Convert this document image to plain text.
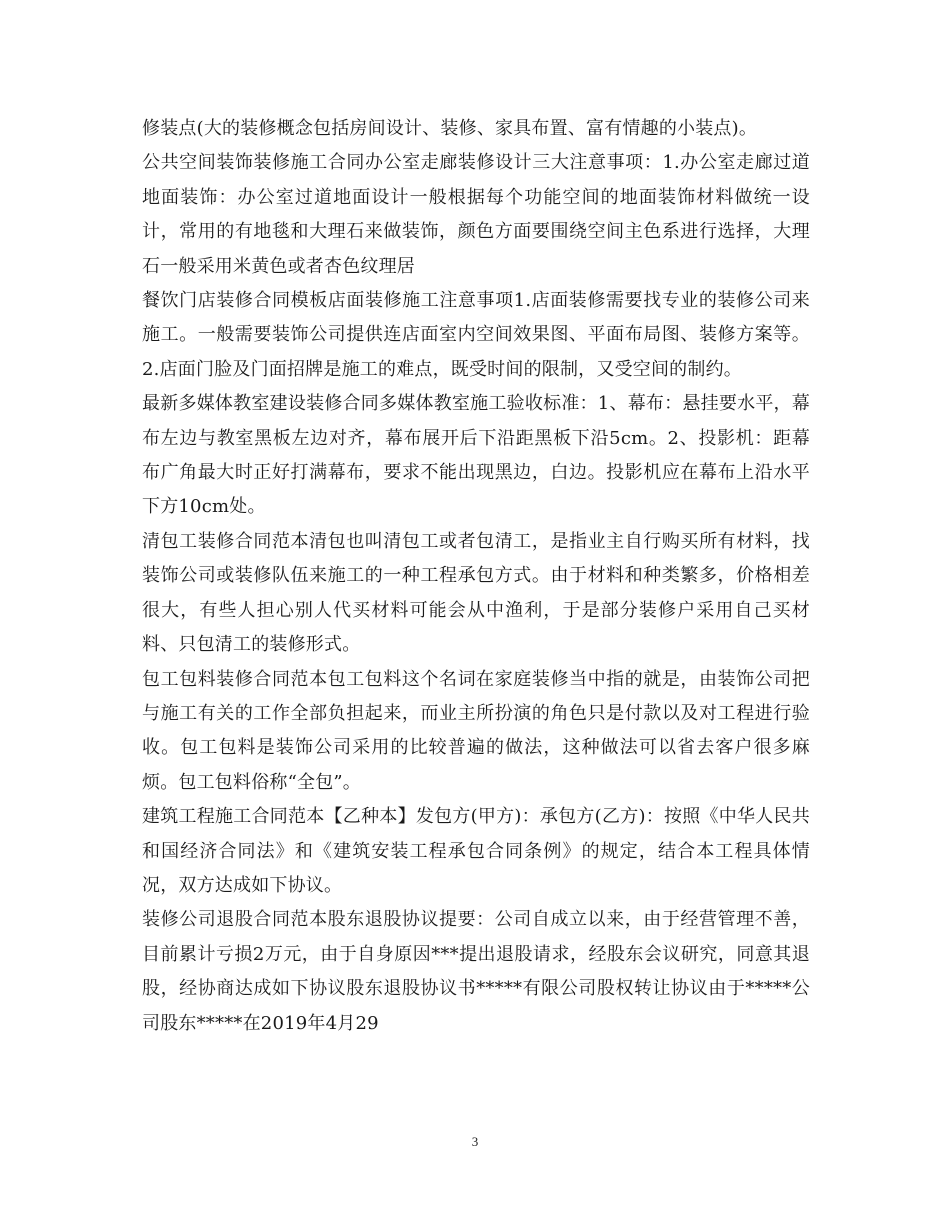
修装点(大的装修概念包括房间设计、装修、家具布置、富有情趣的小装点)。

公共空间装饰装修施工合同办公室走廊装修设计三大注意事项：1.办公室走廊过道地面装饰：办公室过道地面设计一般根据每个功能空间的地面装饰材料做统一设计，常用的有地毯和大理石来做装饰，颜色方面要围绕空间主色系进行选择，大理石一般采用米黄色或者杏色纹理居

餐饮门店装修合同模板店面装修施工注意事项1.店面装修需要找专业的装修公司来施工。一般需要装饰公司提供连店面室内空间效果图、平面布局图、装修方案等。2.店面门脸及门面招牌是施工的难点，既受时间的限制，又受空间的制约。

最新多媒体教室建设装修合同多媒体教室施工验收标准：1、幕布：悬挂要水平，幕布左边与教室黑板左边对齐，幕布展开后下沿距黑板下沿5cm。2、投影机：距幕布广角最大时正好打满幕布，要求不能出现黑边，白边。投影机应在幕布上沿水平下方10cm处。

清包工装修合同范本清包也叫清包工或者包清工，是指业主自行购买所有材料，找装饰公司或装修队伍来施工的一种工程承包方式。由于材料和种类繁多，价格相差很大，有些人担心别人代买材料可能会从中渔利，于是部分装修户采用自己买材料、只包清工的装修形式。

包工包料装修合同范本包工包料这个名词在家庭装修当中指的就是，由装饰公司把与施工有关的工作全部负担起来，而业主所扮演的角色只是付款以及对工程进行验收。包工包料是装饰公司采用的比较普遍的做法，这种做法可以省去客户很多麻烦。包工包料俗称“全包”。

建筑工程施工合同范本【乙种本】发包方(甲方)：承包方(乙方)：按照《中华人民共和国经济合同法》和《建筑安装工程承包合同条例》的规定，结合本工程具体情况，双方达成如下协议。

装修公司退股合同范本股东退股协议提要：公司自成立以来，由于经营管理不善，目前累计亏损2万元，由于自身原因***提出退股请求，经股东会议研究，同意其退股，经协商达成如下协议股东退股协议书*****有限公司股权转让协议由于*****公司股东*****在2019年4月29

3
